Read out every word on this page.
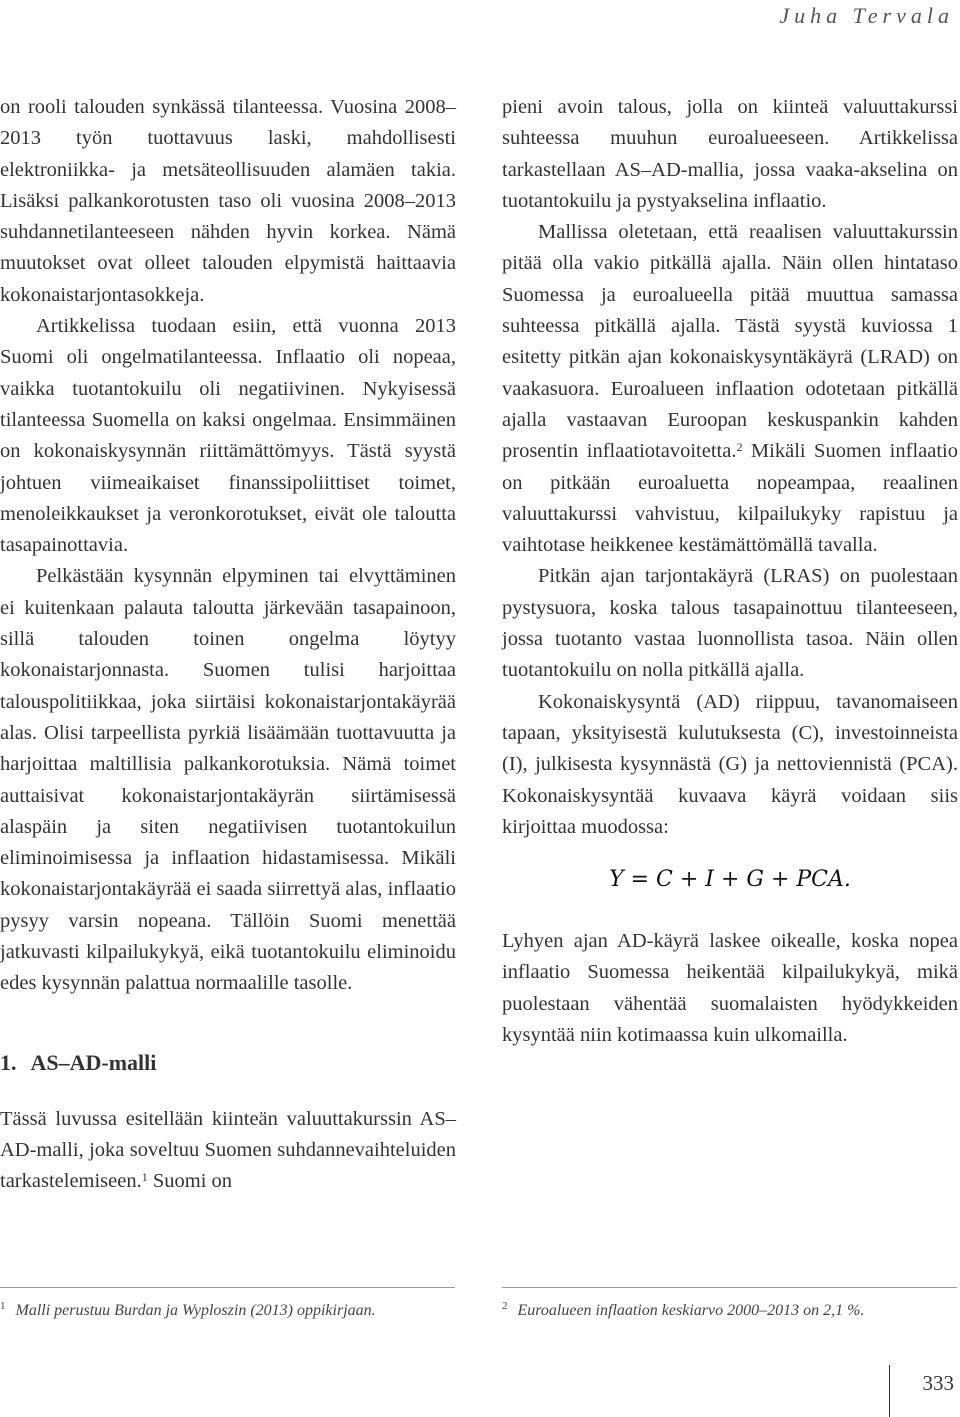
Juha Tervala

on rooli talouden synkässä tilanteessa. Vuosina 2008–2013 työn tuottavuus laski, mahdollisesti elektroniikka- ja metsäteollisuuden alamäen takia. Lisäksi palkankorotusten taso oli vuosina 2008–2013 suhdannetilanteeseen nähden hyvin korkea. Nämä muutokset ovat olleet talouden elpymistä haittaavia kokonaistarjontasokkeja.

Artikkelissa tuodaan esiin, että vuonna 2013 Suomi oli ongelmatilanteessa. Inflaatio oli nopeaa, vaikka tuotantokuilu oli negatiivinen. Nykyisessä tilanteessa Suomella on kaksi ongelmaa. Ensimmäinen on kokonaiskysynnän riittämättömyys. Tästä syystä johtuen viimeaikaiset finanssipoliittiset toimet, menoleikkaukset ja veronkorotukset, eivät ole taloutta tasapainottavia.

Pelkästään kysynnän elpyminen tai elvyttäminen ei kuitenkaan palauta taloutta järkevään tasapainoon, sillä talouden toinen ongelma löytyy kokonaistarjonnasta. Suomen tulisi harjoittaa talouspolitiikkaa, joka siirtäisi kokonaistarjontakäyrää alas. Olisi tarpeellista pyrkiä lisäämään tuottavuutta ja harjoittaa maltillisia palkankorotuksia. Nämä toimet auttaisivat kokonaistarjontakäyrän siirtämisessä alaspäin ja siten negatiivisen tuotantokuilun eliminoimisessa ja inflaation hidastamisessa. Mikäli kokonaistarjontakäyrää ei saada siirrettyä alas, inflaatio pysyy varsin nopeana. Tällöin Suomi menettää jatkuvasti kilpailukykyä, eikä tuotantokuilu eliminoidu edes kysynnän palattua normaalille tasolle.

1. AS–AD-malli

Tässä luvussa esitellään kiinteän valuuttakurssin AS–AD-malli, joka soveltuu Suomen suhdannevaihteluiden tarkastelemiseen.$^1$ Suomi on

pieni avoin talous, jolla on kiinteä valuuttakurssi suhteessa muuhun euroalueeseen. Artikkelissa tarkastellaan AS–AD-mallia, jossa vaaka-akselina on tuotantokuilu ja pystyakselina inflaatio.

Mallissa oletetaan, että reaalisen valuuttakurssin pitää olla vakio pitkällä ajalla. Näin ollen hintataso Suomessa ja euroalueella pitää muuttua samassa suhteessa pitkällä ajalla. Tästä syystä kuviossa 1 esitetty pitkän ajan kokonaiskysyntäkäyrä (LRAD) on vaakasuora. Euroalueen inflaation odotetaan pitkällä ajalla vastaavan Euroopan keskuspankin kahden prosentin inflaatiotavoitetta.$^2$ Mikäli Suomen inflaatio on pitkään euroaluetta nopeampaa, reaalinen valuuttakurssi vahvistuu, kilpailukyky rapistuu ja vaihtotase heikkenee kestämättömällä tavalla.

Pitkän ajan tarjontakäyrä (LRAS) on puolestaan pystysuora, koska talous tasapainottuu tilanteeseen, jossa tuotanto vastaa luonnollista tasoa. Näin ollen tuotantokuilu on nolla pitkällä ajalla.

Kokonaiskysyntä (AD) riippuu, tavanomaiseen tapaan, yksityisestä kulutuksesta (C), investoinneista (I), julkisesta kysynnästä (G) ja nettoviennistä (PCA). Kokonaiskysyntää kuvaava käyrä voidaan siis kirjoittaa muodossa:

Y = C + I + G + PCA.

Lyhyen ajan AD-käyrä laskee oikealle, koska nopea inflaatio Suomessa heikentää kilpailukykyä, mikä puolestaan vähentää suomalaisten hyödykkeiden kysyntää niin kotimaassa kuin ulkomailla.

$^1$ Malli perustuu Burdan ja Wyploszin (2013) oppikirjaan.	$^2$ Euroalueen inflaation keskiarvo 2000–2013 on 2,1 %.
333
